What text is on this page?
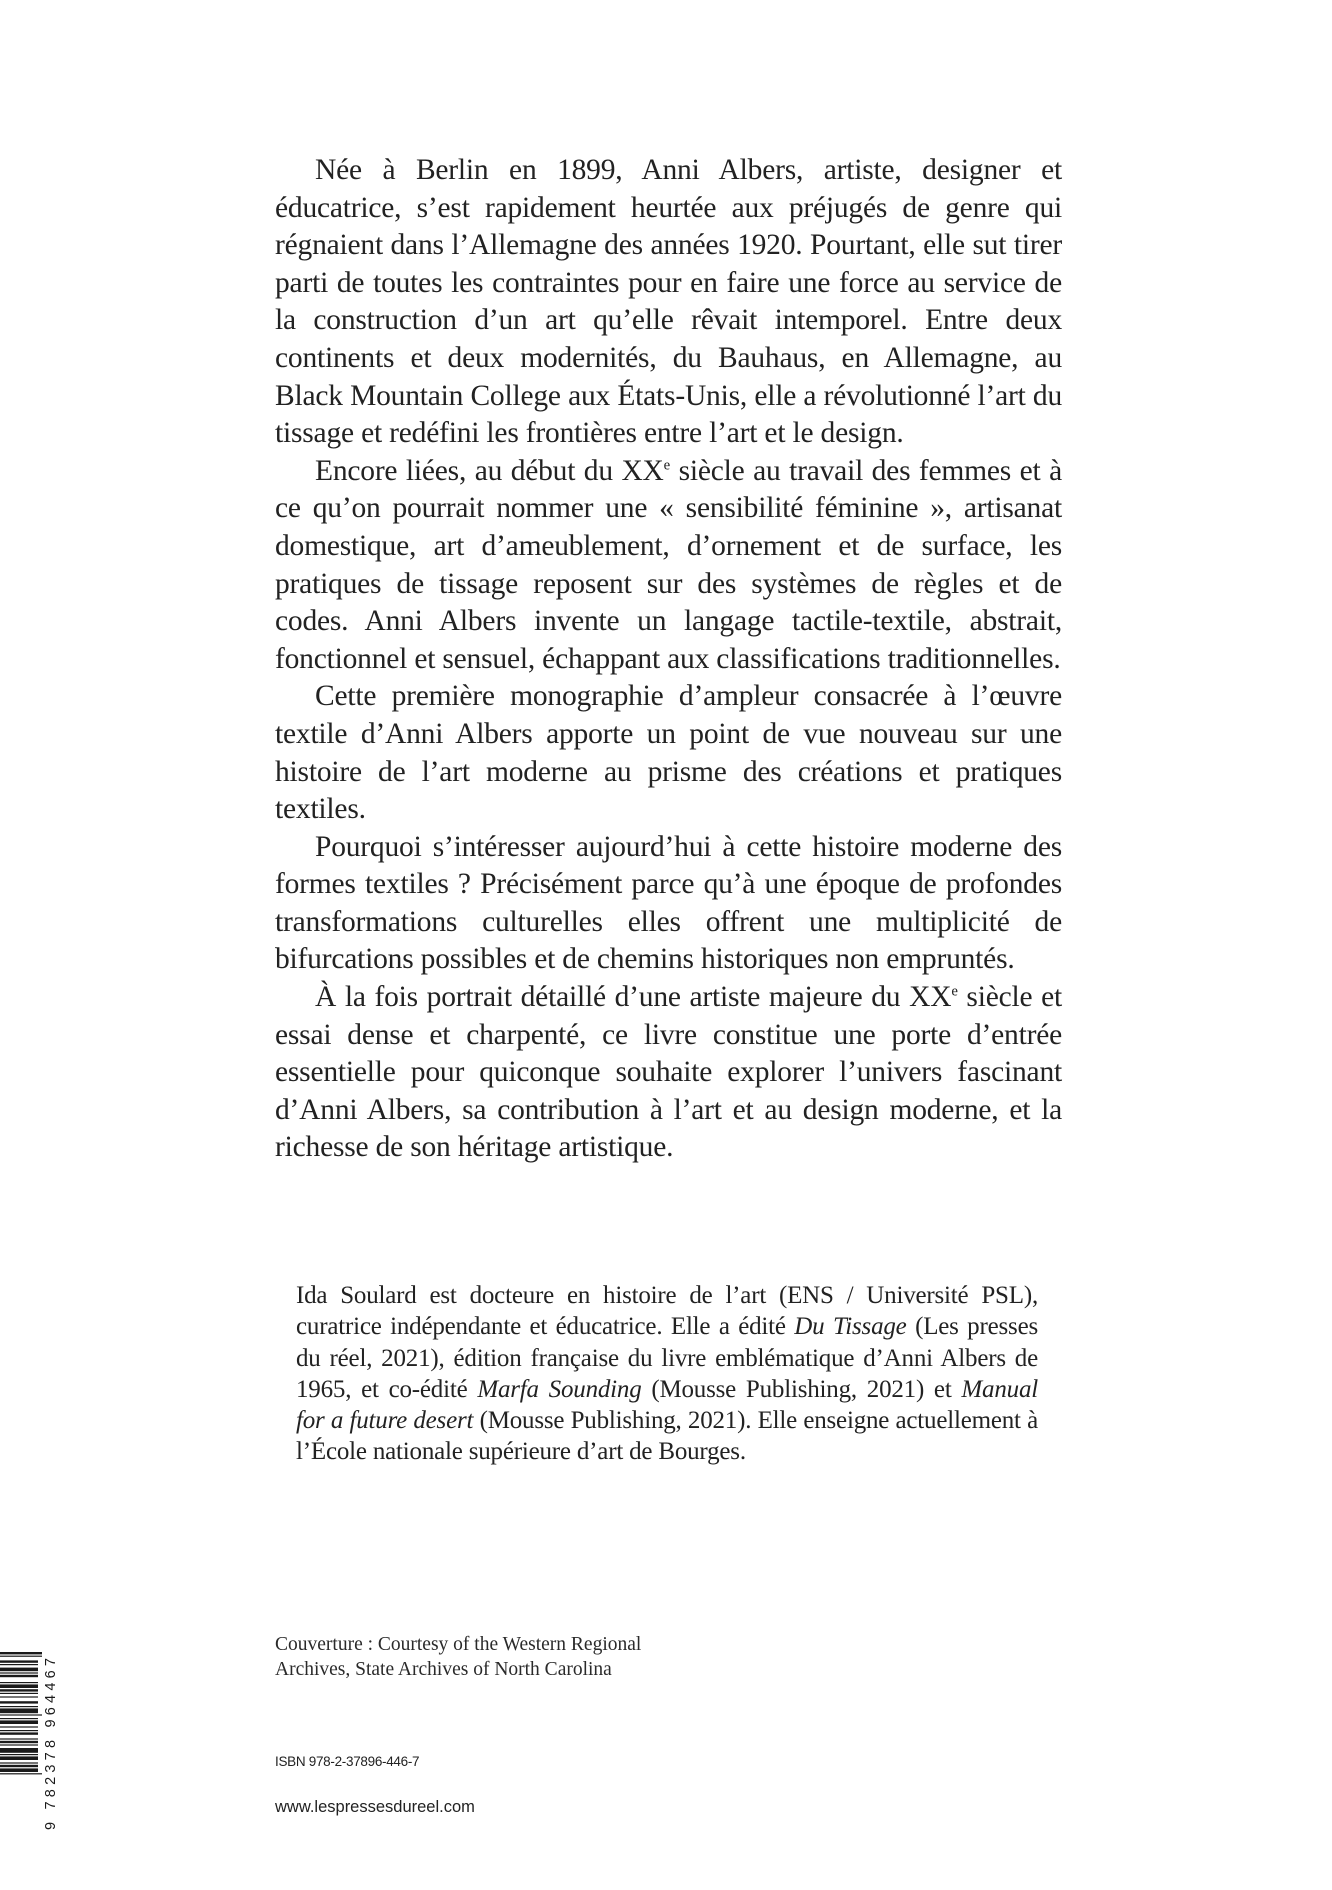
Née à Berlin en 1899, Anni Albers, artiste, designer et éducatrice, s’est rapidement heurtée aux préjugés de genre qui régnaient dans l’Allemagne des années 1920. Pourtant, elle sut tirer parti de toutes les contraintes pour en faire une force au service de la construction d’un art qu’elle rêvait intemporel. Entre deux continents et deux modernités, du Bauhaus, en Allemagne, au Black Mountain College aux États-Unis, elle a révolutionné l’art du tissage et redéfini les frontières entre l’art et le design.

Encore liées, au début du XXe siècle au travail des femmes et à ce qu’on pourrait nommer une « sensibilité féminine », artisanat domestique, art d’ameublement, d’ornement et de surface, les pratiques de tissage reposent sur des systèmes de règles et de codes. Anni Albers invente un langage tactile-textile, abstrait, fonctionnel et sensuel, échappant aux classifications traditionnelles.

Cette première monographie d’ampleur consacrée à l’œuvre textile d’Anni Albers apporte un point de vue nouveau sur une histoire de l’art moderne au prisme des créations et pratiques textiles.

Pourquoi s’intéresser aujourd’hui à cette histoire moderne des formes textiles ? Précisément parce qu’à une époque de profondes transformations culturelles elles offrent une multiplicité de bifurcations possibles et de chemins historiques non empruntés.

À la fois portrait détaillé d’une artiste majeure du XXe siècle et essai dense et charpenté, ce livre constitue une porte d’entrée essentielle pour quiconque souhaite explorer l’univers fascinant d’Anni Albers, sa contribution à l’art et au design moderne, et la richesse de son héritage artistique.

Ida Soulard est docteure en histoire de l’art (ENS / Université PSL), curatrice indépendante et éducatrice. Elle a édité Du Tissage (Les presses du réel, 2021), édition française du livre emblématique d’Anni Albers de 1965, et co-édité Marfa Sounding (Mousse Publishing, 2021) et Manual for a future desert (Mousse Publishing, 2021). Elle enseigne actuellement à l’École nationale supérieure d’art de Bourges.

Couverture : Courtesy of the Western Regional
Archives, State Archives of North Carolina
ISBN 978-2-37896-446-7
www.lespressesdureel.com
9 782378 964467
